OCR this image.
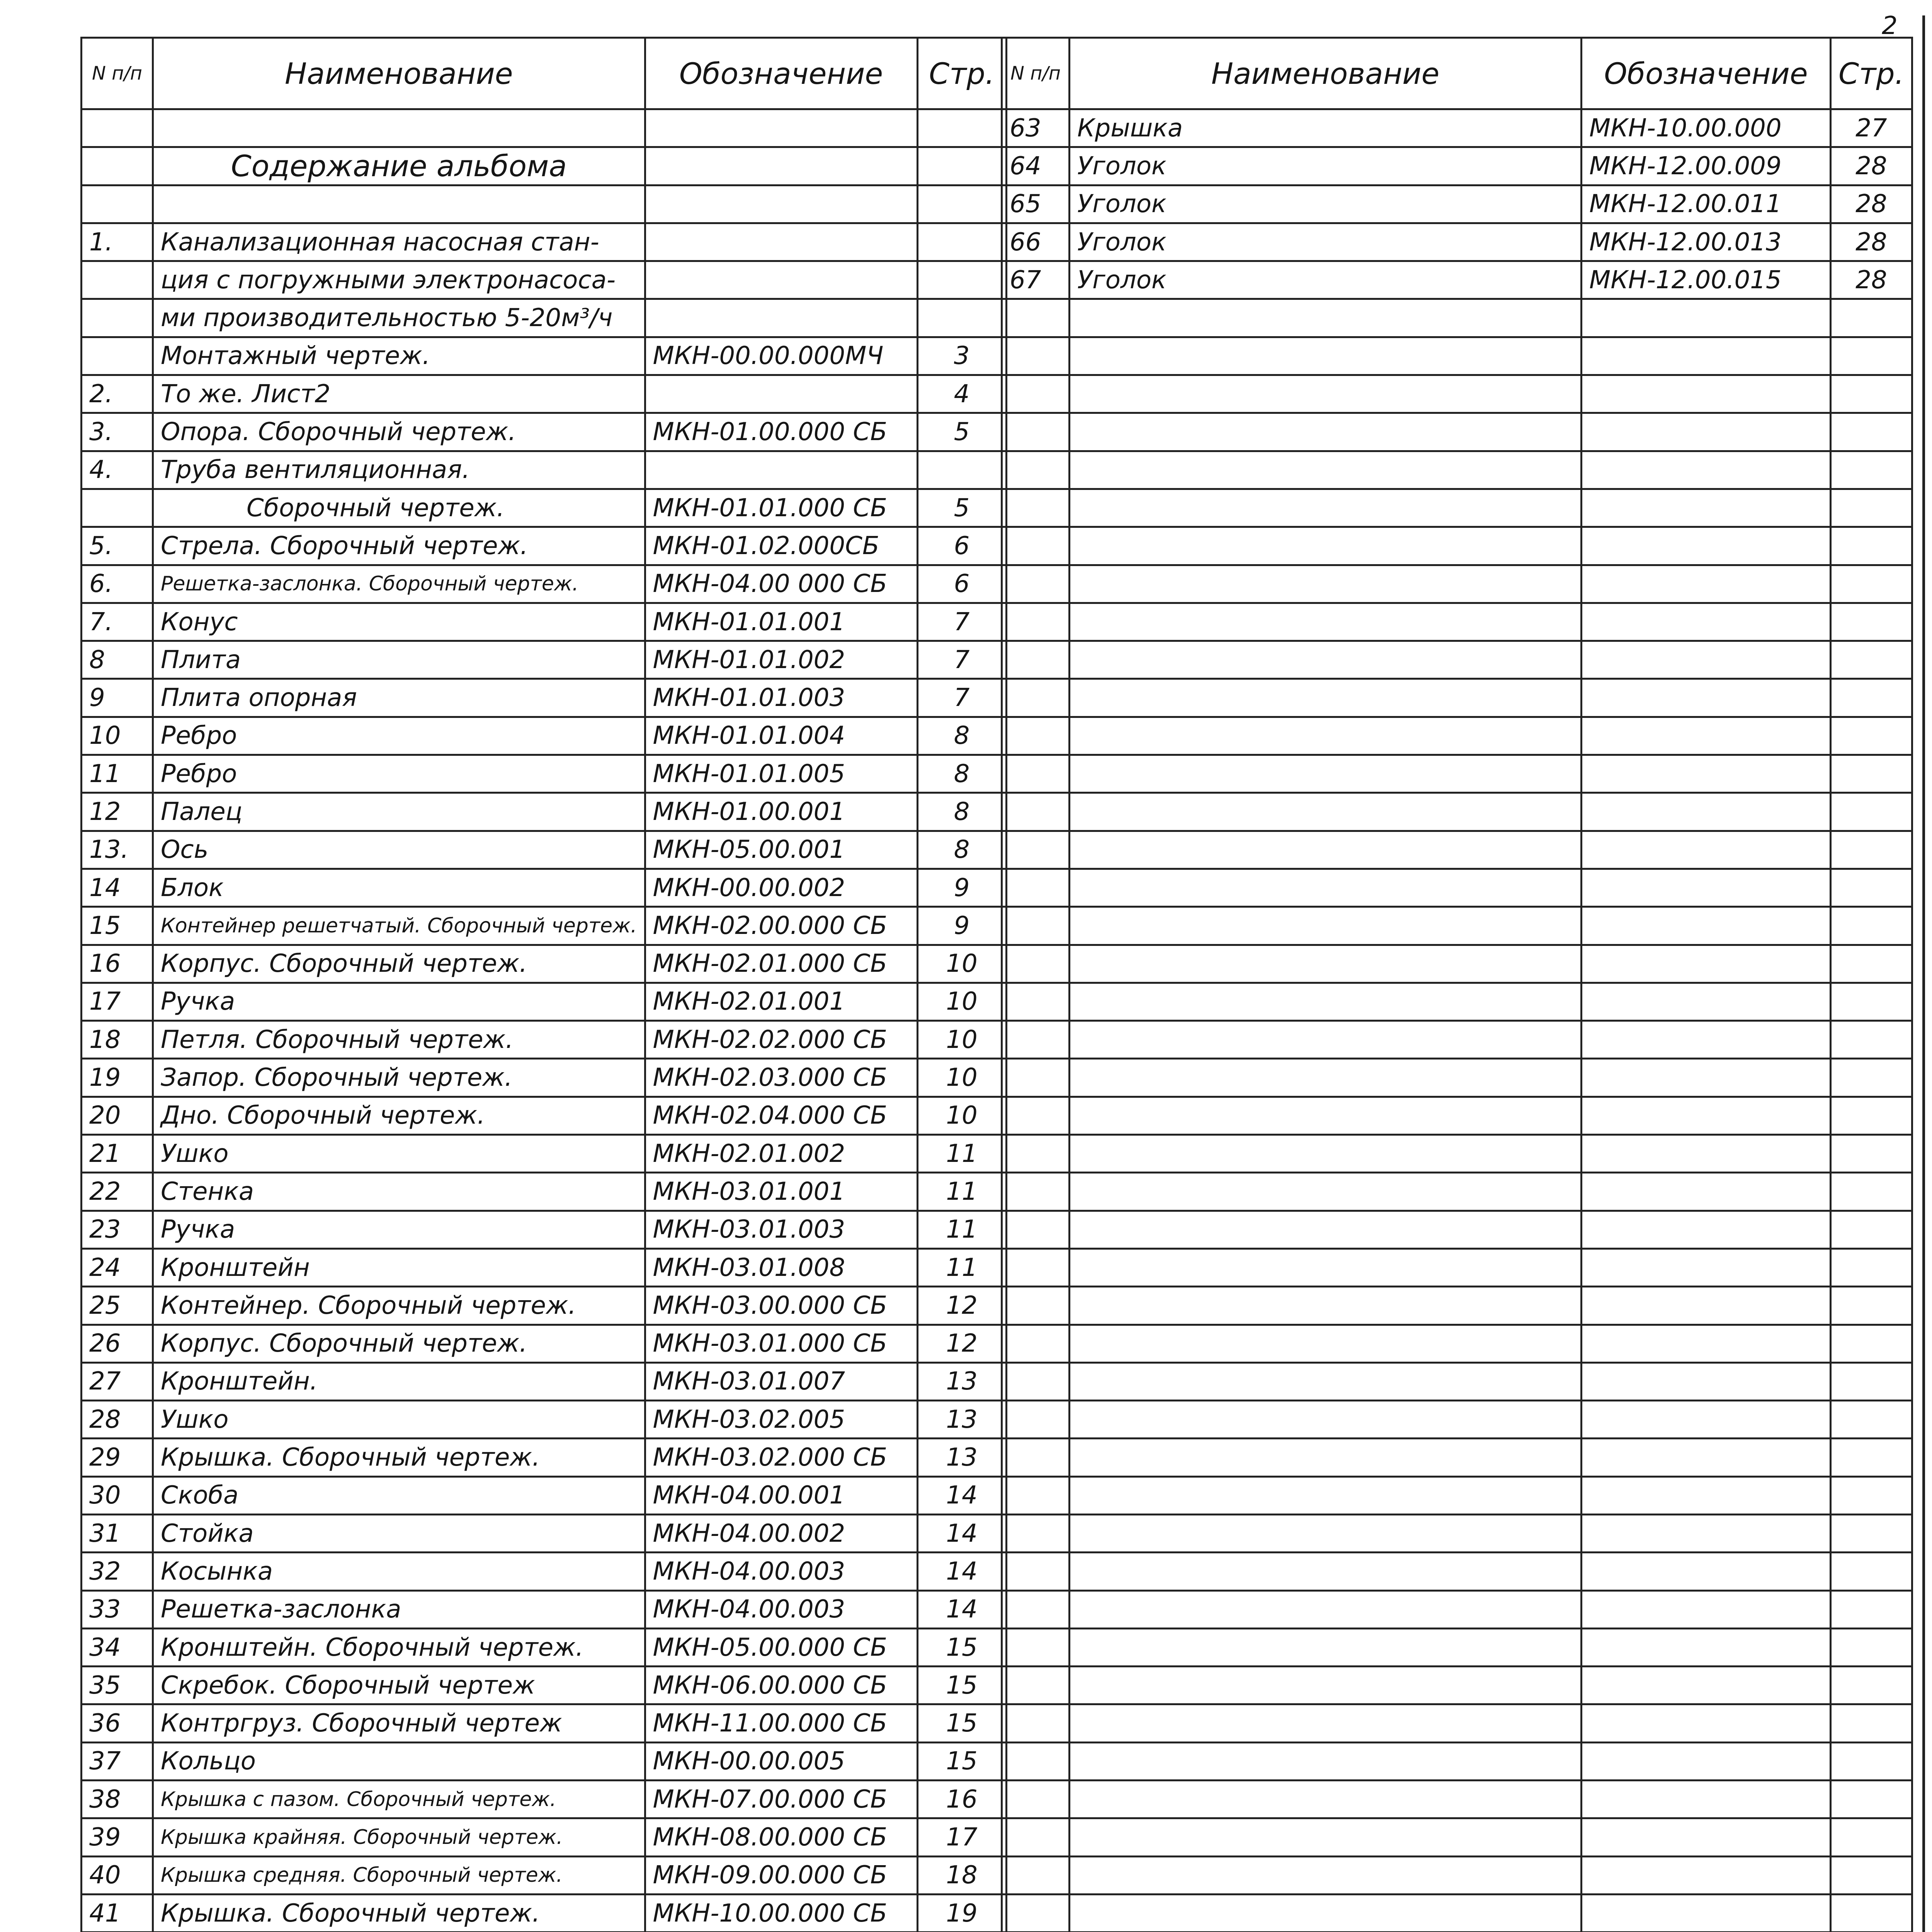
2
N п/п	Наименование	Обозначение	Стр.

	Содержание альбома		

1.	Канализационная насосная стан-		
	ция с погружными электронасоса-		
	ми производительностью 5-20м³/ч		
	Монтажный чертеж.	МКН-00.00.000МЧ	3
2.	То же. Лист2		4
3.	Опора. Сборочный чертеж.	МКН-01.00.000 СБ	5
4.	Труба вентиляционная.		
	Сборочный чертеж.	МКН-01.01.000 СБ	5
5.	Стрела. Сборочный чертеж.	МКН-01.02.000СБ	6
6.	Решетка-заслонка. Сборочный чертеж.	МКН-04.00 000 СБ	6
7.	Конус	МКН-01.01.001	7
8	Плита	МКН-01.01.002	7
9	Плита опорная	МКН-01.01.003	7
10	Ребро	МКН-01.01.004	8
11	Ребро	МКН-01.01.005	8
12	Палец	МКН-01.00.001	8
13.	Ось	МКН-05.00.001	8
14	Блок	МКН-00.00.002	9
15	Контейнер решетчатый. Сборочный чертеж.	МКН-02.00.000 СБ	9
16	Корпус. Сборочный чертеж.	МКН-02.01.000 СБ	10
17	Ручка	МКН-02.01.001	10
18	Петля. Сборочный чертеж.	МКН-02.02.000 СБ	10
19	Запор. Сборочный чертеж.	МКН-02.03.000 СБ	10
20	Дно. Сборочный чертеж.	МКН-02.04.000 СБ	10
21	Ушко	МКН-02.01.002	11
22	Стенка	МКН-03.01.001	11
23	Ручка	МКН-03.01.003	11
24	Кронштейн	МКН-03.01.008	11
25	Контейнер. Сборочный чертеж.	МКН-03.00.000 СБ	12
26	Корпус. Сборочный чертеж.	МКН-03.01.000 СБ	12
27	Кронштейн.	МКН-03.01.007	13
28	Ушко	МКН-03.02.005	13
29	Крышка. Сборочный чертеж.	МКН-03.02.000 СБ	13
30	Скоба	МКН-04.00.001	14
31	Стойка	МКН-04.00.002	14
32	Косынка	МКН-04.00.003	14
33	Решетка-заслонка	МКН-04.00.003	14
34	Кронштейн. Сборочный чертеж.	МКН-05.00.000 СБ	15
35	Скребок. Сборочный чертеж	МКН-06.00.000 СБ	15
36	Контргруз. Сборочный чертеж	МКН-11.00.000 СБ	15
37	Кольцо	МКН-00.00.005	15
38	Крышка с пазом. Сборочный чертеж.	МКН-07.00.000 СБ	16
39	Крышка крайняя. Сборочный чертеж.	МКН-08.00.000 СБ	17
40	Крышка средняя. Сборочный чертеж.	МКН-09.00.000 СБ	18
41	Крышка. Сборочный чертеж.	МКН-10.00.000 СБ	19

N п/п	Наименование	Обозначение	Стр.
63	Крышка	МКН-10.00.000	27
64	Уголок	МКН-12.00.009	28
65	Уголок	МКН-12.00.011	28
66	Уголок	МКН-12.00.013	28
67	Уголок	МКН-12.00.015	28
